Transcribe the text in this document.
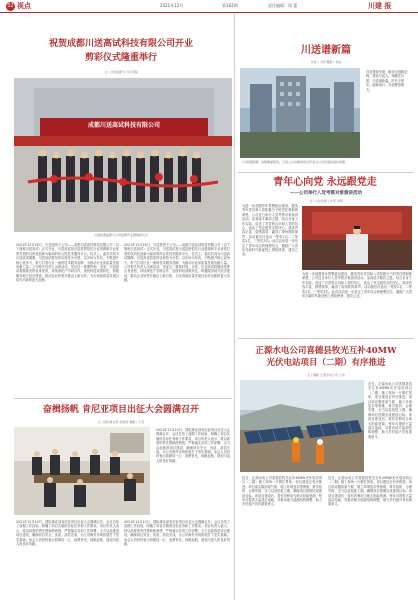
02 视点	2021年12月	第182期	责任编辑：周 蕾	川建 报
祝贺成都川送高试科技有限公司开业
剪彩仪式隆重举行
文 / 川送成都分公司 周锐
成都川送高试科技有限公司
川送检测成都分公司挂牌开业暨剪彩仪式
2021年12月16日，川送投资子公司——成都川送高试科技有限公司（以下简称川送高试）正式开业，川送高试是川送投资依托行业资源和专业优势打造的以科技创新为驱动的综合性技术服务平台。仪式上，嘉宾共同为川送高试揭牌。川送高试将坚持以科技为引领，以市场为导向，不断提升核心竞争力，努力打造行业一流的技术服务品牌，为推动行业高质量发展贡献力量。公司相关负责人出席活动，见证这一重要时刻。未来，川送高试将继续发挥自身优势，持续深化产学研合作，加快科技成果转化，积极服务地方经济建设，推动企业转型升级迈上新台阶，为实现高质量发展目标作出新的更大贡献。
2021年12月16日，川送投资子公司——成都川送高试科技有限公司（以下简称川送高试）正式开业，川送高试是川送投资依托行业资源和专业优势打造的以科技创新为驱动的综合性技术服务平台。仪式上，嘉宾共同为川送高试揭牌。川送高试将坚持以科技为引领，以市场为导向，不断提升核心竞争力，努力打造行业一流的技术服务品牌，为推动行业高质量发展贡献力量。公司相关负责人出席活动，见证这一重要时刻。未来，川送高试将继续发挥自身优势，持续深化产学研合作，加快科技成果转化，积极服务地方经济建设，推动企业转型升级迈上新台阶，为实现高质量发展目标作出新的更大贡献。
奋楫扬帆 肯尼亚项目出征大会圆满召开
文 / 国际事业部 杨瑞涛 摄影 / 王英
2021年12月10日，国际事业部肯尼亚项目出征大会圆满召开。会议总结了前期工作经验，明确了项目实施的目标任务和工作要求。项目负责人表示，将以高度的责任感和使命感，严格落实各项工作部署，全力以赴推进项目建设，确保项目安全、优质、高效完成，为公司海外市场拓展打下坚实基础。参会人员纷纷表示将团结一心、奋勇争先，扬帆起航，展现川送人的良好风貌。
2021年12月10日，国际事业部肯尼亚项目出征大会圆满召开。会议总结了前期工作经验，明确了项目实施的目标任务和工作要求。项目负责人表示，将以高度的责任感和使命感，严格落实各项工作部署，全力以赴推进项目建设，确保项目安全、优质、高效完成，为公司海外市场拓展打下坚实基础。参会人员纷纷表示将团结一心、奋勇争先，扬帆起航，展现川送人的良好风貌。
2021年12月10日，国际事业部肯尼亚项目出征大会圆满召开。会议总结了前期工作经验，明确了项目实施的目标任务和工作要求。项目负责人表示，将以高度的责任感和使命感，严格落实各项工作部署，全力以赴推进项目建设，确保项目安全、优质、高效完成，为公司海外市场拓展打下坚实基础。参会人员纷纷表示将团结一心、奋勇争先，扬帆起航，展现川送人的良好风貌。
川送谱新篇
作者 / 兰明 摄影 / 刘成
川送建设发展，稳步迈进新征程。建设川送人，奉献在川建。川送谱新篇，时代不停步。砥砺前行，共创辉煌明天。
《川送谱新篇》诗歌朗诵现场，川送人以诗歌的形式抒发对公司发展的美好祝愿。
青年心向党 永远跟党走
——公司举行入党考察对象演讲活动
文 / 川送党群工作部 李明
为进一步加强青年思想政治建设，激发青年党员和入党积极分子的责任感和使命感，公司近日举行入党考察对象演讲活动。参赛选手紧扣主题，结合自身工作实际，讲述了对党的认识和入党的初心，表达了坚定跟党走的决心。演讲内容丰富、情感真挚，赢得了现场阵阵掌声。活动最后评选出一等奖1名、二等奖2名、三等奖3名。此次活动进一步坚定了青年同志的理想信念，激励广大青年在新时代新征程上勇担使命、建功立业。
为进一步加强青年思想政治建设，激发青年党员和入党积极分子的责任感和使命感，公司近日举行入党考察对象演讲活动。参赛选手紧扣主题，结合自身工作实际，讲述了对党的认识和入党的初心，表达了坚定跟党走的决心。演讲内容丰富、情感真挚，赢得了现场阵阵掌声。活动最后评选出一等奖1名、二等奖2名、三等奖3名。此次活动进一步坚定了青年同志的理想信念，激励广大青年在新时代新征程上勇担使命、建功立业。
正源水电公司喜德县牧光互补40MW
光伏电站项目（二期）有序推进
文 / 摄影 正源水电公司 王伟
近日，正源水电公司喜德县牧光互补40MW光伏电站项目（二期）施工现场一片繁忙景象，项目建设正有序推进。项目部克服高原气候、施工环境复杂等困难，科学组织、合理安排，全力以赴抢抓工期，确保项目按期完成建设目标。该项目建成后，将有效利用当地太阳能资源，每年可提供大量清洁电能，对推动地方能源结构调整、助力乡村振兴具有重要意义。
近日，正源水电公司喜德县牧光互补40MW光伏电站项目（二期）施工现场一片繁忙景象，项目建设正有序推进。项目部克服高原气候、施工环境复杂等困难，科学组织、合理安排，全力以赴抢抓工期，确保项目按期完成建设目标。该项目建成后，将有效利用当地太阳能资源，每年可提供大量清洁电能，对推动地方能源结构调整、助力乡村振兴具有重要意义。
近日，正源水电公司喜德县牧光互补40MW光伏电站项目（二期）施工现场一片繁忙景象，项目建设正有序推进。项目部克服高原气候、施工环境复杂等困难，科学组织、合理安排，全力以赴抢抓工期，确保项目按期完成建设目标。该项目建成后，将有效利用当地太阳能资源，每年可提供大量清洁电能，对推动地方能源结构调整、助力乡村振兴具有重要意义。
